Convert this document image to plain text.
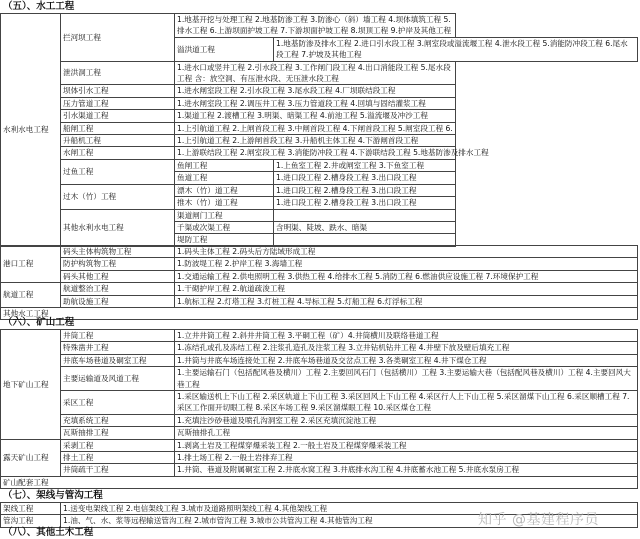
（五）、水工工程
水利水电工程	拦河坝工程	1.地基开挖与处理工程 2.地基防渗工程 3.防渗心（斜）墙工程 4.坝体填筑工程 5.排水工程 6.上游坝面护坡工程 7.下游坝面护坡工程 8.坝顶工程 9.护岸及其他工程	
		溢洪道工程	1.地基防渗及排水工程 2.进口引水段工程 3.闸室段或溢流堰工程 4.泄水段工程 5.消能防冲段工程 6.尾水段工程 7.护坡及其他工程
	泄洪洞工程	1.进水口或竖井工程 2.引水段工程 3.工作闸门段工程 4.出口消能段工程 5.尾水段工程 含：放空洞、有压泄水段、无压泄水段工程	
	坝体引水工程	1.进水闸室段工程 2.引水段工程 3.尾水段工程 4.厂坝联结段工程	
	压力管道工程	1.进水闸室段工程 2.调压井工程 3.压力管道段工程 4.回填与固结灌浆工程	
	引水渠道工程	1.渠道工程 2.渡槽工程 3.明渠、暗渠工程 4.前池工程 5.溢流堰及冲沙工程	
	船闸工程	1.上引航道工程 2.上闸首段工程 3.中闸首段工程 4.下闸首段工程 5.闸室段工程 6.	
	升船机工程	1.上引航道工程 2.上游闸首段工程 3.升船机主体工程 4.下游闸首段工程	
	水闸工程	1.上游联结段工程 2.闸室段工程 3.消能防冲段工程 4.下游联结段工程 5.地基防渗及排水工程	
	过鱼工程	鱼闸工程	1.上鱼室工程 2.井或闸室工程 3.下鱼室工程
		鱼道工程	1.进口段工程 2.槽身段工程 3.出口段工程
	过木（竹）工程	漂木（竹）道工程	1.进口段工程 2.槽身段工程 3.出口段工程
		推木（竹）道工程	1.进口段工程 2.槽身段工程 3.出口段工程
	其他水利水电工程	渠道闸门工程	
		千渠或次渠工程	含明渠、陡坡、跌水、暗渠
		堤防工程	
港口工程	码头主体构筑物工程	1.码头主体工程 2.码头后方陆域形成工程
	防护构筑物工程	1.防波堤工程 2.护岸工程 3.海墙工程
	码头其他工程	1.交通运输工程 2.供电照明工程 3.供热工程 4.给排水工程 5.消防工程 6.燃油供应设施工程 7.环境保护工程
航道工程	航道整治工程	1.干砌护岸工程 2.航道疏浚工程
	助航设施工程	1.航标工程 2.灯塔工程 3.灯桩工程 4.导标工程 5.灯船工程 6.灯浮标工程
其他水工工程		
（六）、矿山工程
地下矿山工程	井筒工程	1.立井井筒工程 2.斜井井筒工程 3.平硐工程（矿）4.井筒横川及联络巷道工程
	特殊凿井工程	1.冻结孔或孔及冻结工程 2.注浆孔造孔及注浆工程 3.立井钻机钻井工程 4.井壁下放及壁后填充工程
	井底车场巷道及硐室工程	1.井筒与井底车场连接处工程 2.井底车场巷道及交岔点工程 3.各类硐室工程 4.井下煤仓工程
	主要运输道及风道工程	1.主要运输石门（包括配风巷及横川）工程 2.主要回风石门（包括横川）工程 3.主要运输大巷（包括配风巷及横川）工程 4.主要回风大巷工程
	采区工程	1.采区输送机上下山工程 2.采区轨道上下山工程 3.采区回风上下山工程 4.采区行人上下山工程 5.采区溜煤下山工程 6.采区顺槽工程 7.采区工作面开切眼工程 8.采区车场工程 9.采区溜煤眼工程 10.采区煤仓工程
	充填系统工程	1.充填注沙砂巷道及喷孔沟洞室工程 2.采区充填沉淀池工程
	瓦斯抽排工程	瓦斯抽排孔工程
露天矿山工程	采剥工程	1.剥离土岩及工程煤穿爆采装工程 2.一般土岩及工程煤穿爆采装工程
	排土工程	1.排土场工程 2.一般土岩排弃工程
	井筒疏干工程	1.井筒、巷道及附属硐室工程 2.井底水窝工程 3.井底排水沟工程 4.井底蓄水池工程 5.井底水泵房工程
矿山配套工程		
（七）、架线与管沟工程
架线工程	1.送变电架线工程 2.电信架线工程 3.城市及道路照明架线工程 4.其他架线工程
管沟工程	1.油、气、水、浆等远程输送管沟工程 2.城市管沟工程 3.城市公共管沟工程 4.其他管沟工程
（八）、其他土木工程
知乎 @基建程序员
